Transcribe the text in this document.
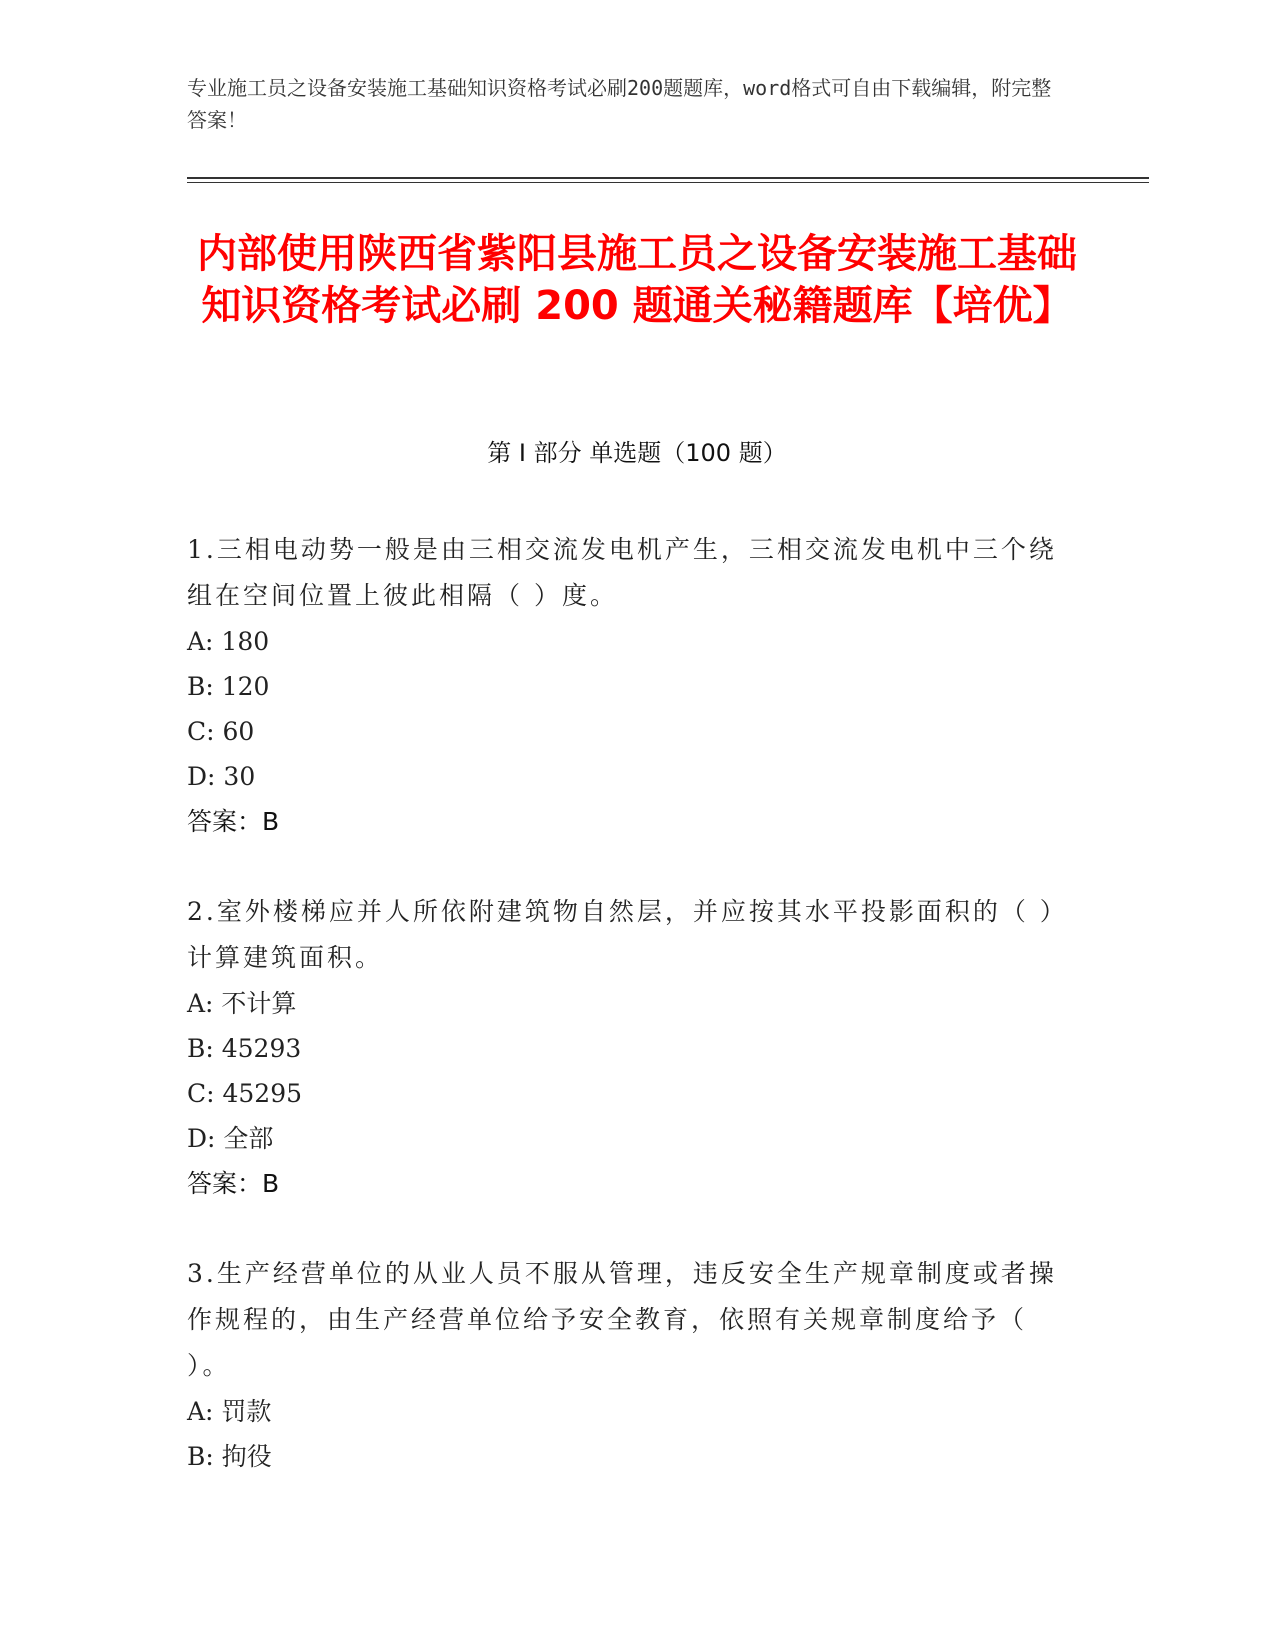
专业施工员之设备安装施工基础知识资格考试必刷200题题库，word格式可自由下载编辑，附完整答案！
内部使用陕西省紫阳县施工员之设备安装施工基础知识资格考试必刷 200 题通关秘籍题库【培优】
第 I 部分 单选题（100 题）

1.三相电动势一般是由三相交流发电机产生，三相交流发电机中三个绕组在空间位置上彼此相隔（ ）度。

A: 180

B: 120

C: 60

D: 30

答案：B

2.室外楼梯应并人所依附建筑物自然层，并应按其水平投影面积的（ ）计算建筑面积。

A: 不计算

B: 45293

C: 45295

D: 全部

答案：B

3.生产经营单位的从业人员不服从管理，违反安全生产规章制度或者操作规程的，由生产经营单位给予安全教育，依照有关规章制度给予（ ）。

A: 罚款

B: 拘役
